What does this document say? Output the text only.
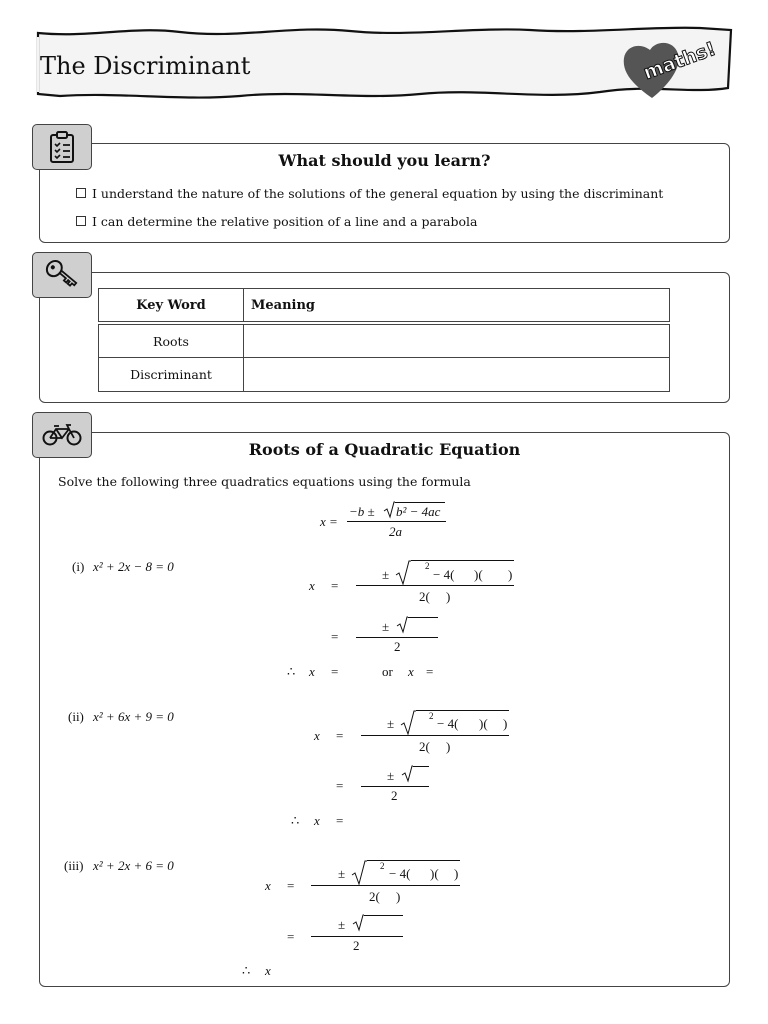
The Discriminant	maths!
What should you learn?
I understand the nature of the solutions of the general equation by using the discriminant
I can determine the relative position of a line and a parabola
Key Word	Meaning
Roots
Discriminant
Roots of a Quadratic Equation
Solve the following three quadratics equations using the formula
x =
−b ± b² − 4ac
2a
(i) x² + 2x − 8 = 0
x =
±
2
− 4( )( )
2( )
=
±
2
∴ x =	or x =
(ii) x² + 6x + 9 = 0
x =
±	2 − 4( )( )
2( )
=
±
2
∴ x =
(iii) x² + 2x + 6 = 0
x =
±	2 − 4( )( )
2( )
=
±
2
∴ x
